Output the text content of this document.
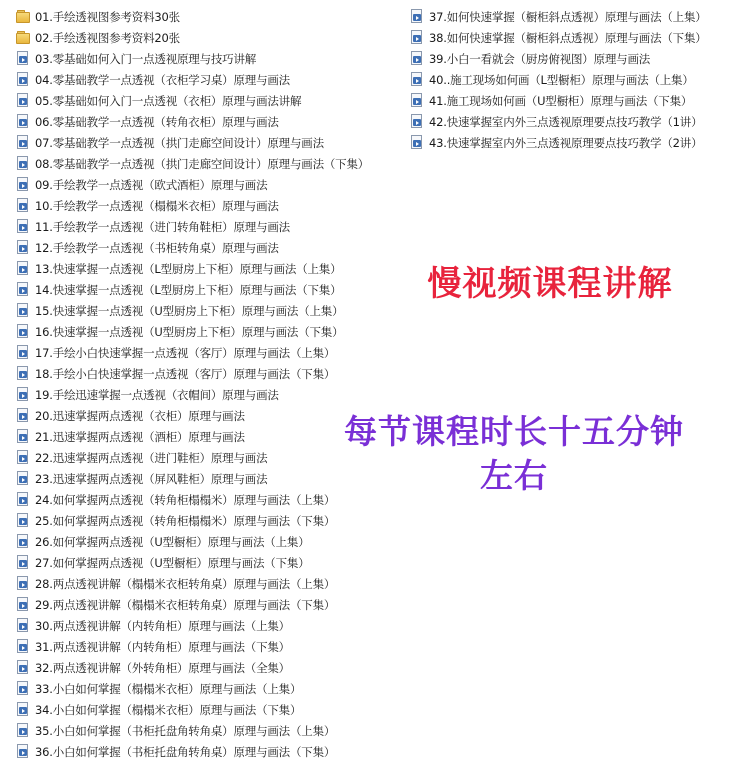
01.手绘透视图参考资料30张
02.手绘透视图参考资料20张
03.零基础如何入门一点透视原理与技巧讲解
04.零基础教学一点透视（衣柜学习桌）原理与画法
05.零基础如何入门一点透视（衣柜）原理与画法讲解
06.零基础教学一点透视（转角衣柜）原理与画法
07.零基础教学一点透视（拱门走廊空间设计）原理与画法
08.零基础教学一点透视（拱门走廊空间设计）原理与画法（下集）
09.手绘教学一点透视（欧式酒柜）原理与画法
10.手绘教学一点透视（榻榻米衣柜）原理与画法
11.手绘教学一点透视（进门转角鞋柜）原理与画法
12.手绘教学一点透视（书柜转角桌）原理与画法
13.快速掌握一点透视（L型厨房上下柜）原理与画法（上集）
14.快速掌握一点透视（L型厨房上下柜）原理与画法（下集）
15.快速掌握一点透视（U型厨房上下柜）原理与画法（上集）
16.快速掌握一点透视（U型厨房上下柜）原理与画法（下集）
17.手绘小白快速掌握一点透视（客厅）原理与画法（上集）
18.手绘小白快速掌握一点透视（客厅）原理与画法（下集）
19.手绘迅速掌握一点透视（衣帽间）原理与画法
20.迅速掌握两点透视（衣柜）原理与画法
21.迅速掌握两点透视（酒柜）原理与画法
22.迅速掌握两点透视（进门鞋柜）原理与画法
23.迅速掌握两点透视（屏风鞋柜）原理与画法
24.如何掌握两点透视（转角柜榻榻米）原理与画法（上集）
25.如何掌握两点透视（转角柜榻榻米）原理与画法（下集）
26.如何掌握两点透视（U型橱柜）原理与画法（上集）
27.如何掌握两点透视（U型橱柜）原理与画法（下集）
28.两点透视讲解（榻榻米衣柜转角桌）原理与画法（上集）
29.两点透视讲解（榻榻米衣柜转角桌）原理与画法（下集）
30.两点透视讲解（内转角柜）原理与画法（上集）
31.两点透视讲解（内转角柜）原理与画法（下集）
32.两点透视讲解（外转角柜）原理与画法（全集）
33.小白如何掌握（榻榻米衣柜）原理与画法（上集）
34.小白如何掌握（榻榻米衣柜）原理与画法（下集）
35.小白如何掌握（书柜托盘角转角桌）原理与画法（上集）
36.小白如何掌握（书柜托盘角转角桌）原理与画法（下集）
37.如何快速掌握（橱柜斜点透视）原理与画法（上集）
38.如何快速掌握（橱柜斜点透视）原理与画法（下集）
39.小白一看就会（厨房俯视图）原理与画法
40..施工现场如何画（L型橱柜）原理与画法（上集）
41.施工现场如何画（U型橱柜）原理与画法（下集）
42.快速掌握室内外三点透视原理要点技巧教学（1讲）
43.快速掌握室内外三点透视原理要点技巧教学（2讲）
慢视频课程讲解
每节课程时长十五分钟
左右
